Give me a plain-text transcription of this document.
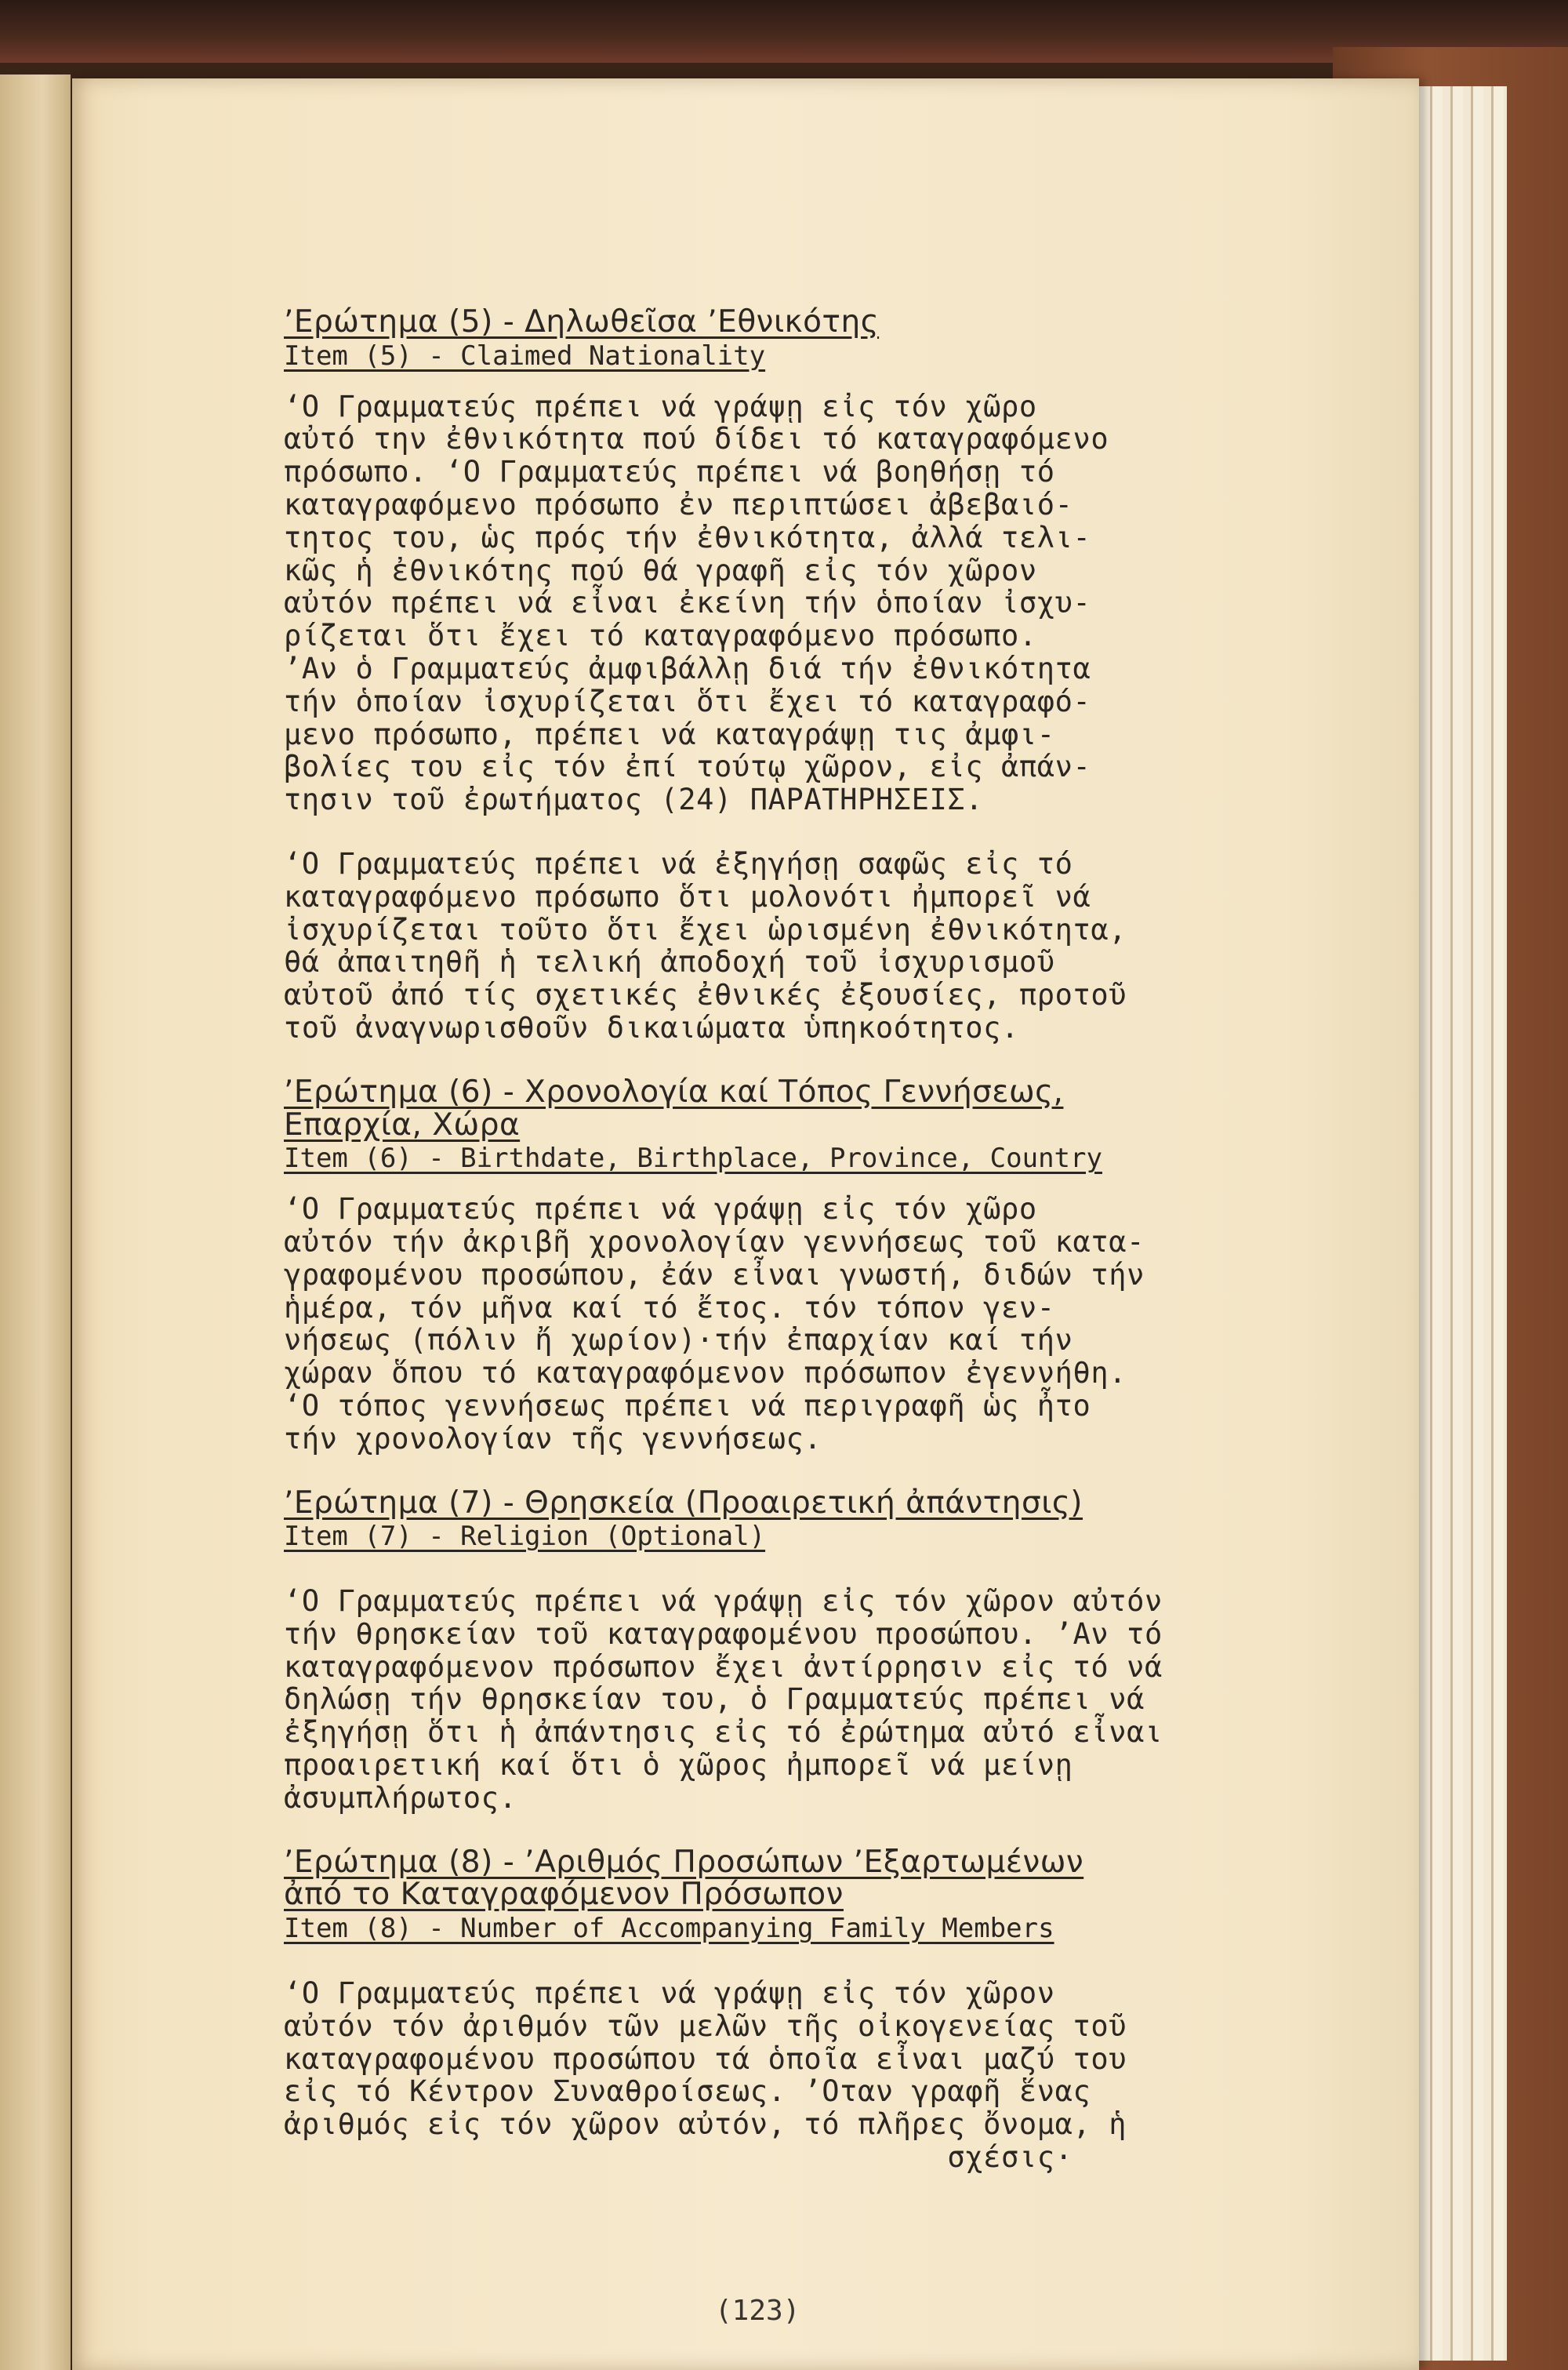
’Ερώτημα (5) - Δηλωθεῖσα ’Εθνικότης
Item (5) - Claimed Nationality
‘Ο Γραμματεύς πρέπει νά γράψῃ εἰς τόν χῶρο
αὐτό την ἐθνικότητα πού δίδει τό καταγραφόμενο
πρόσωπο. ‘Ο Γραμματεύς πρέπει νά βοηθήσῃ τό
καταγραφόμενο πρόσωπο ἐν περιπτώσει ἀβεβαιό-
τητος του, ὡς πρός τήν ἐθνικότητα, ἀλλά τελι-
κῶς ἡ ἐθνικότης πού θά γραφῆ εἰς τόν χῶρον
αὐτόν πρέπει νά εἶναι ἐκείνη τήν ὁποίαν ἰσχυ-
ρίζεται ὅτι ἔχει τό καταγραφόμενο πρόσωπο.
’Αν ὁ Γραμματεύς ἀμφιβάλλῃ διά τήν ἐθνικότητα
τήν ὁποίαν ἰσχυρίζεται ὅτι ἔχει τό καταγραφό-
μενο πρόσωπο, πρέπει νά καταγράψῃ τις ἀμφι-
βολίες του εἰς τόν ἐπί τούτῳ χῶρον, εἰς ἀπάν-
τησιν τοῦ ἐρωτήματος (24) ΠΑΡΑΤΗΡΗΣΕΙΣ.
‘Ο Γραμματεύς πρέπει νά ἐξηγήσῃ σαφῶς εἰς τό
καταγραφόμενο πρόσωπο ὅτι μολονότι ἠμπορεῖ νά
ἰσχυρίζεται τοῦτο ὅτι ἔχει ὡρισμένη ἐθνικότητα,
θά ἀπαιτηθῆ ἡ τελική ἀποδοχή τοῦ ἰσχυρισμοῦ
αὐτοῦ ἀπό τίς σχετικές ἐθνικές ἐξουσίες, προτοῦ
τοῦ ἀναγνωρισθοῦν δικαιώματα ὑπηκοότητος.
’Ερώτημα (6) - Χρονολογία καί Τόπος Γεννήσεως,
Επαρχία, Χώρα
Item (6) - Birthdate, Birthplace, Province, Country
‘Ο Γραμματεύς πρέπει νά γράψῃ εἰς τόν χῶρο
αὐτόν τήν ἀκριβῆ χρονολογίαν γεννήσεως τοῦ κατα-
γραφομένου προσώπου, ἐάν εἶναι γνωστή, διδών τήν
ἡμέρα, τόν μῆνα καί τό ἔτος. τόν τόπον γεν-
νήσεως (πόλιν ἤ χωρίον)·τήν ἐπαρχίαν καί τήν
χώραν ὅπου τό καταγραφόμενον πρόσωπον ἐγεννήθη.
‘Ο τόπος γεννήσεως πρέπει νά περιγραφῆ ὡς ἦτο
τήν χρονολογίαν τῆς γεννήσεως.
’Ερώτημα (7) - Θρησκεία (Προαιρετική ἀπάντησις)
Item (7) - Religion (Optional)
‘Ο Γραμματεύς πρέπει νά γράψῃ εἰς τόν χῶρον αὐτόν
τήν θρησκείαν τοῦ καταγραφομένου προσώπου. ’Αν τό
καταγραφόμενον πρόσωπον ἔχει ἀντίρρησιν εἰς τό νά
δηλώσῃ τήν θρησκείαν του, ὁ Γραμματεύς πρέπει νά
ἐξηγήσῃ ὅτι ἡ ἀπάντησις εἰς τό ἐρώτημα αὐτό εἶναι
προαιρετική καί ὅτι ὁ χῶρος ἠμπορεῖ νά μείνῃ
ἀσυμπλήρωτος.
’Ερώτημα (8) - ’Αριθμός Προσώπων ’Εξαρτωμένων
ἀπό το Καταγραφόμενον Πρόσωπον
Item (8) - Number of Accompanying Family Members
‘Ο Γραμματεύς πρέπει νά γράψῃ εἰς τόν χῶρον
αὐτόν τόν ἀριθμόν τῶν μελῶν τῆς οἰκογενείας τοῦ
καταγραφομένου προσώπου τά ὁποῖα εἶναι μαζύ του
εἰς τό Κέντρον Συναθροίσεως. ’Οταν γραφῆ ἕνας
ἀριθμός εἰς τόν χῶρον αὐτόν, τό πλῆρες ὄνομα, ἡ
σχέσις·
(123)
